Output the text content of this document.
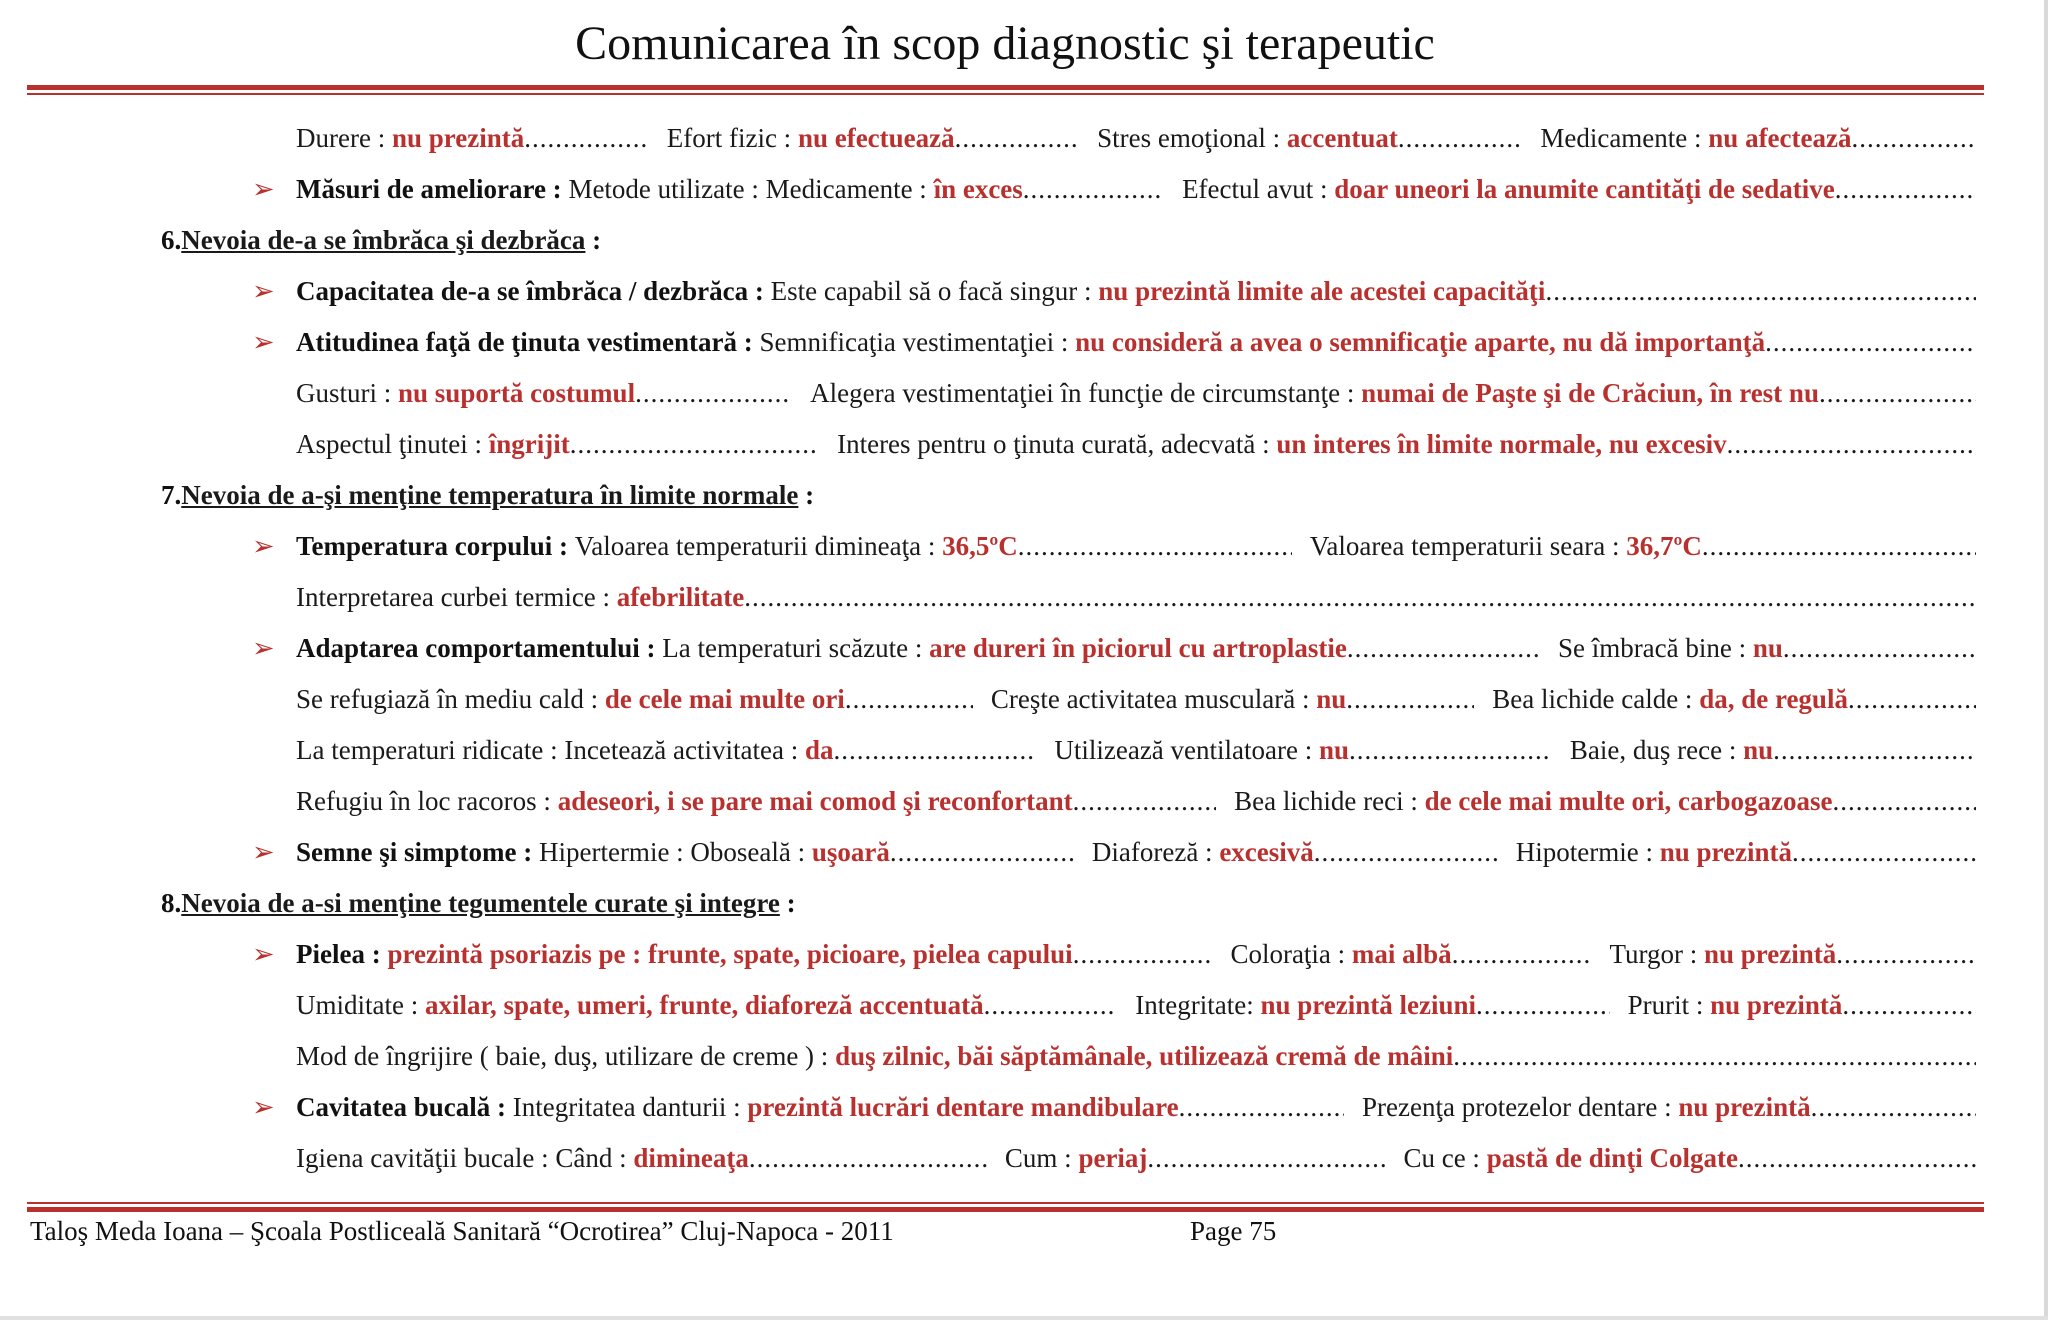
Comunicarea în scop diagnostic şi terapeutic
Durere : nu prezintă .....	Efort fizic : nu efectuează .....	Stres emoţional : accentuat .....	Medicamente : nu afectează
.....
➢ Măsuri de ameliorare : Metode utilizate : Medicamente : în exces .....	Efectul avut : doar uneori la anumite cantităţi de sedative
.....
6. Nevoia de-a se îmbrăca şi dezbrăca :
➢ Capacitatea de-a se îmbrăca / dezbrăca : Este capabil să o facă singur : nu prezintă limite ale acestei capacităţi
.....
➢ Atitudinea faţă de ţinuta vestimentară : Semnificaţia vestimentaţiei : nu consideră a avea o semnificaţie aparte, nu dă importanţă
.....
Gusturi : nu suportă costumul .....	Alegera vestimentaţiei în funcţie de circumstanţe : numai de Paşte şi de Crăciun, în rest nu
.....
Aspectul ţinutei : îngrijit .....	Interes pentru o ţinuta curată, adecvată : un interes în limite normale, nu excesiv
.....
7. Nevoia de a-şi menţine temperatura în limite normale :
➢ Temperatura corpului : Valoarea temperaturii dimineaţa : 36,5ºC .....	Valoarea temperaturii seara : 36,7ºC
.....
Interpretarea curbei termice : afebrilitate
.....
➢ Adaptarea comportamentului : La temperaturi scăzute : are dureri în piciorul cu artroplastie .....	Se îmbracă bine : nu
.....
Se refugiază în mediu cald : de cele mai multe ori .....	Creşte activitatea musculară : nu .....	Bea lichide calde : da, de regulă
.....
La temperaturi ridicate : Incetează activitatea : da .....	Utilizează ventilatoare : nu .....	Baie, duş rece : nu
.....
Refugiu în loc racoros : adeseori, i se pare mai comod şi reconfortant .....	Bea lichide reci : de cele mai multe ori, carbogazoase
.....
➢ Semne şi simptome : Hipertermie : Oboseală : uşoară .....	Diaforeză : excesivă .....	Hipotermie : nu prezintă
.....
8. Nevoia de a-si menţine tegumentele curate şi integre :
➢ Pielea : prezintă psoriazis pe : frunte, spate, picioare, pielea capului .....	Coloraţia : mai albă .....	Turgor : nu prezintă
.....
Umiditate : axilar, spate, umeri, frunte, diaforeză accentuată .....	Integritate: nu prezintă leziuni .....	Prurit : nu prezintă
.....
Mod de îngrijire ( baie, duş, utilizare de creme ) : duş zilnic, băi săptămânale, utilizează cremă de mâini
.....
➢ Cavitatea bucală : Integritatea danturii : prezintă lucrări dentare mandibulare .....	Prezenţa protezelor dentare : nu prezintă
.....
Igiena cavităţii bucale : Când : dimineaţa .....	Cum : periaj .....	Cu ce : pastă de dinţi Colgate
.....
Taloş Meda Ioana – Şcoala Postliceală Sanitară “Ocrotirea” Cluj-Napoca - 2011	Page 75
